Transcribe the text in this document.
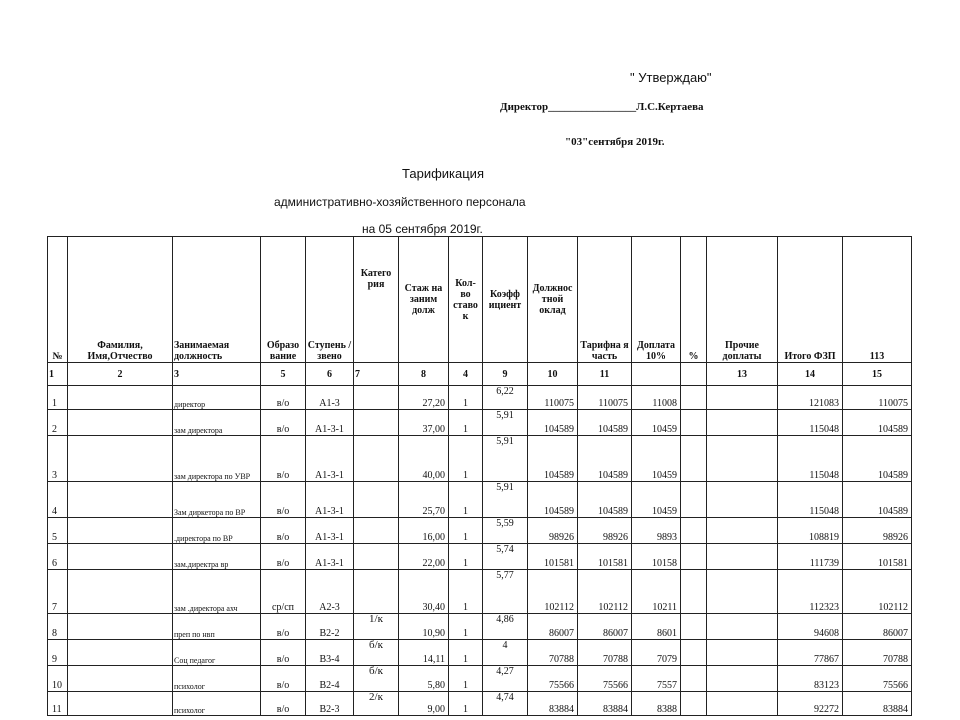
" Утверждаю"
Директор________________Л.С.Кертаева
"03"сентября 2019г.
Тарификация
административно-хозяйственного персонала
на 05 сентября 2019г.
№	Фамилия, Имя,Отчество	Занимаемая должность	Образо вание	Ступень /звено	Катего рия	Стаж на заним долж	Кол- во ставо к	Коэфф ициент	Должнос тной оклад	Тарифна я часть	Доплата 10%	%	Прочие доплаты	Итого ФЗП	113
1	2	3	5	6	7	8	4	9	10	11			13	14	15
1		директор	в/о	А1-3		27,20	1	6,22	110075	110075	11008			121083	110075
2		зам директора	в/о	А1-3-1		37,00	1	5,91	104589	104589	10459			115048	104589
3		зам директора по УВР	в/о	А1-3-1		40,00	1	5,91	104589	104589	10459			115048	104589
4		Зам диркетора по ВР	в/о	А1-3-1		25,70	1	5,91	104589	104589	10459			115048	104589
5		.директора по ВР	в/о	А1-3-1		16,00	1	5,59	98926	98926	9893			108819	98926
6		зам.директра вр	в/о	А1-3-1		22,00	1	5,74	101581	101581	10158			111739	101581
7		зам .директора ахч	ср/сп	А2-3		30,40	1	5,77	102112	102112	10211			112323	102112
8		преп по нвп	в/о	В2-2	1/к	10,90	1	4,86	86007	86007	8601			94608	86007
9		Соц педагог	в/о	В3-4	б/к	14,11	1	4	70788	70788	7079			77867	70788
10		психолог	в/о	В2-4	б/к	5,80	1	4,27	75566	75566	7557			83123	75566
11		психолог	в/о	В2-3	2/к	9,00	1	4,74	83884	83884	8388			92272	83884
